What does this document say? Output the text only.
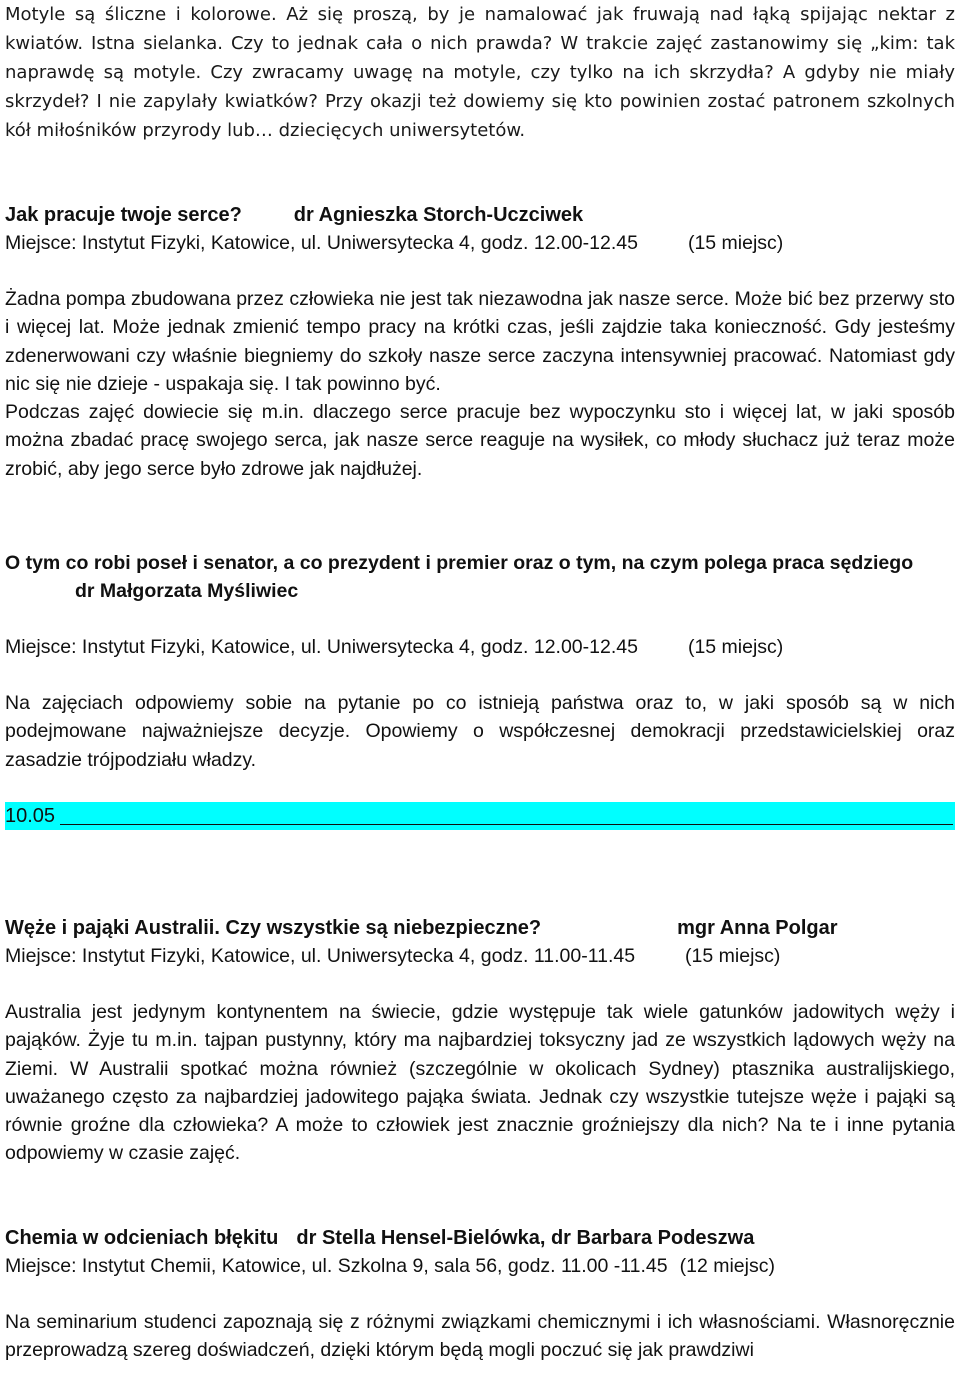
Motyle są śliczne i kolorowe. Aż się proszą, by je namalować jak fruwają nad łąką spijając nektar z kwiatów. Istna sielanka. Czy to jednak cała o nich prawda? W trakcie zajęć zastanowimy się „kim: tak naprawdę są motyle. Czy zwracamy uwagę na motyle, czy tylko na ich skrzydła? A gdyby nie miały skrzydeł? I nie zapylały kwiatków? Przy okazji też dowiemy się kto powinien zostać patronem szkolnych kół miłośników przyrody lub… dziecięcych uniwersytetów.

Jak pracuje twoje serce?	dr Agnieszka Storch-Uczciwek

Miejsce: Instytut Fizyki, Katowice, ul. Uniwersytecka 4, godz. 12.00-12.45	(15 miejsc)

Żadna pompa zbudowana przez człowieka nie jest tak niezawodna jak nasze serce. Może bić bez przerwy sto i więcej lat. Może jednak zmienić tempo pracy na krótki czas, jeśli zajdzie taka konieczność. Gdy jesteśmy zdenerwowani czy właśnie biegniemy do szkoły nasze serce zaczyna intensywniej pracować. Natomiast gdy nic się nie dzieje - uspakaja się. I tak powinno być.

Podczas zajęć dowiecie się m.in. dlaczego serce pracuje bez wypoczynku sto i więcej lat, w jaki sposób można zbadać pracę swojego serca, jak nasze serce reaguje na wysiłek, co młody słuchacz już teraz może zrobić, aby jego serce było zdrowe jak najdłużej.

O tym co robi poseł i senator, a co prezydent i premier oraz o tym, na czym polega praca sędziego
dr Małgorzata Myśliwiec

Miejsce: Instytut Fizyki, Katowice, ul. Uniwersytecka 4, godz. 12.00-12.45	(15 miejsc)

Na zajęciach odpowiemy sobie na pytanie po co istnieją państwa oraz to, w jaki sposób są w nich podejmowane najważniejsze decyzje. Opowiemy o współczesnej demokracji przedstawicielskiej oraz zasadzie trójpodziału władzy.

10.05

Węże i pająki Australii. Czy wszystkie są niebezpieczne?	mgr Anna Polgar

Miejsce: Instytut Fizyki, Katowice, ul. Uniwersytecka 4, godz. 11.00-11.45	(15 miejsc)

Australia jest jedynym kontynentem na świecie, gdzie występuje tak wiele gatunków jadowitych węży i pająków. Żyje tu m.in. tajpan pustynny, który ma najbardziej toksyczny jad ze wszystkich lądowych węży na Ziemi. W Australii spotkać można również (szczególnie w okolicach Sydney) ptasznika australijskiego, uważanego często za najbardziej jadowitego pająka świata. Jednak czy wszystkie tutejsze węże i pająki są równie groźne dla człowieka? A może to człowiek jest znacznie groźniejszy dla nich? Na te i inne pytania odpowiemy w czasie zajęć.

Chemia w odcieniach błękitu dr Stella Hensel-Bielówka, dr Barbara Podeszwa

Miejsce: Instytut Chemii, Katowice, ul. Szkolna 9, sala 56, godz. 11.00 -11.45 (12 miejsc)

Na seminarium studenci zapoznają się z różnymi związkami chemicznymi i ich własnościami. Własnoręcznie przeprowadzą szereg doświadczeń, dzięki którym będą mogli poczuć się jak prawdziwi
